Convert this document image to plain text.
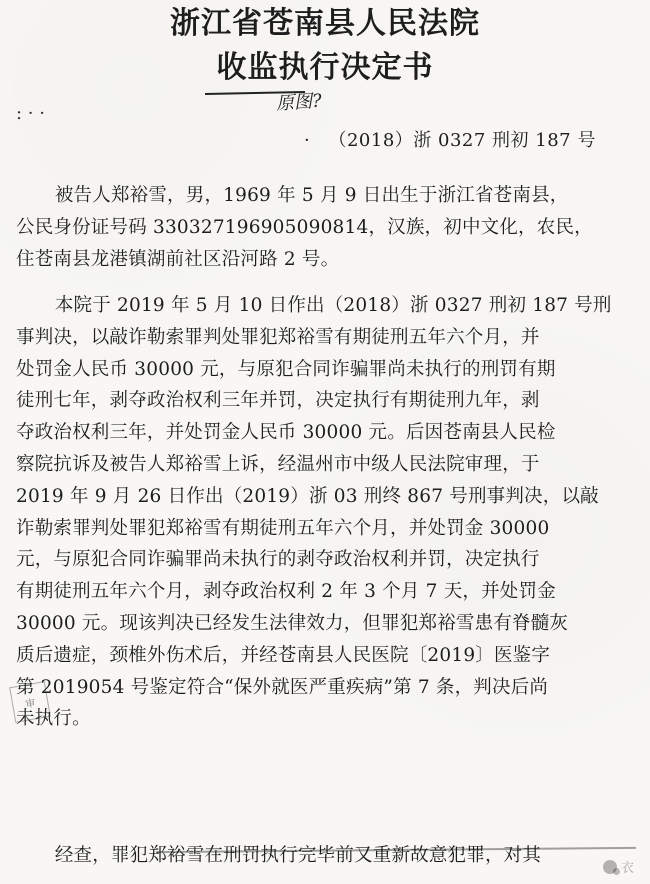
浙江省苍南县人民法院
收监执行决定书
原图?
: · ·
· （2018）浙 0327 刑初 187 号
被告人郑裕雪，男，1969 年 5 月 9 日出生于浙江省苍南县，
公民身份证号码 330327196905090814，汉族，初中文化，农民，
住苍南县龙港镇湖前社区沿河路 2 号。
本院于 2019 年 5 月 10 日作出（2018）浙 0327 刑初 187 号刑
事判决，以敲诈勒索罪判处罪犯郑裕雪有期徒刑五年六个月，并
处罚金人民币 30000 元，与原犯合同诈骗罪尚未执行的刑罚有期
徒刑七年，剥夺政治权利三年并罚，决定执行有期徒刑九年，剥
夺政治权利三年，并处罚金人民币 30000 元。后因苍南县人民检
察院抗诉及被告人郑裕雪上诉，经温州市中级人民法院审理，于
2019 年 9 月 26 日作出（2019）浙 03 刑终 867 号刑事判决，以敲
诈勒索罪判处罪犯郑裕雪有期徒刑五年六个月，并处罚金 30000
元，与原犯合同诈骗罪尚未执行的剥夺政治权利并罚，决定执行
有期徒刑五年六个月，剥夺政治权利 2 年 3 个月 7 天，并处罚金
30000 元。现该判决已经发生法律效力，但罪犯郑裕雪患有脊髓灰
质后遗症，颈椎外伤术后，并经苍南县人民医院〔2019〕医鉴字
第 2019054 号鉴定符合“保外就医严重疾病”第 7 条，判决后尚
未执行。
经查，罪犯郑裕雪在刑罚执行完毕前又重新故意犯罪，对其
审
衣
